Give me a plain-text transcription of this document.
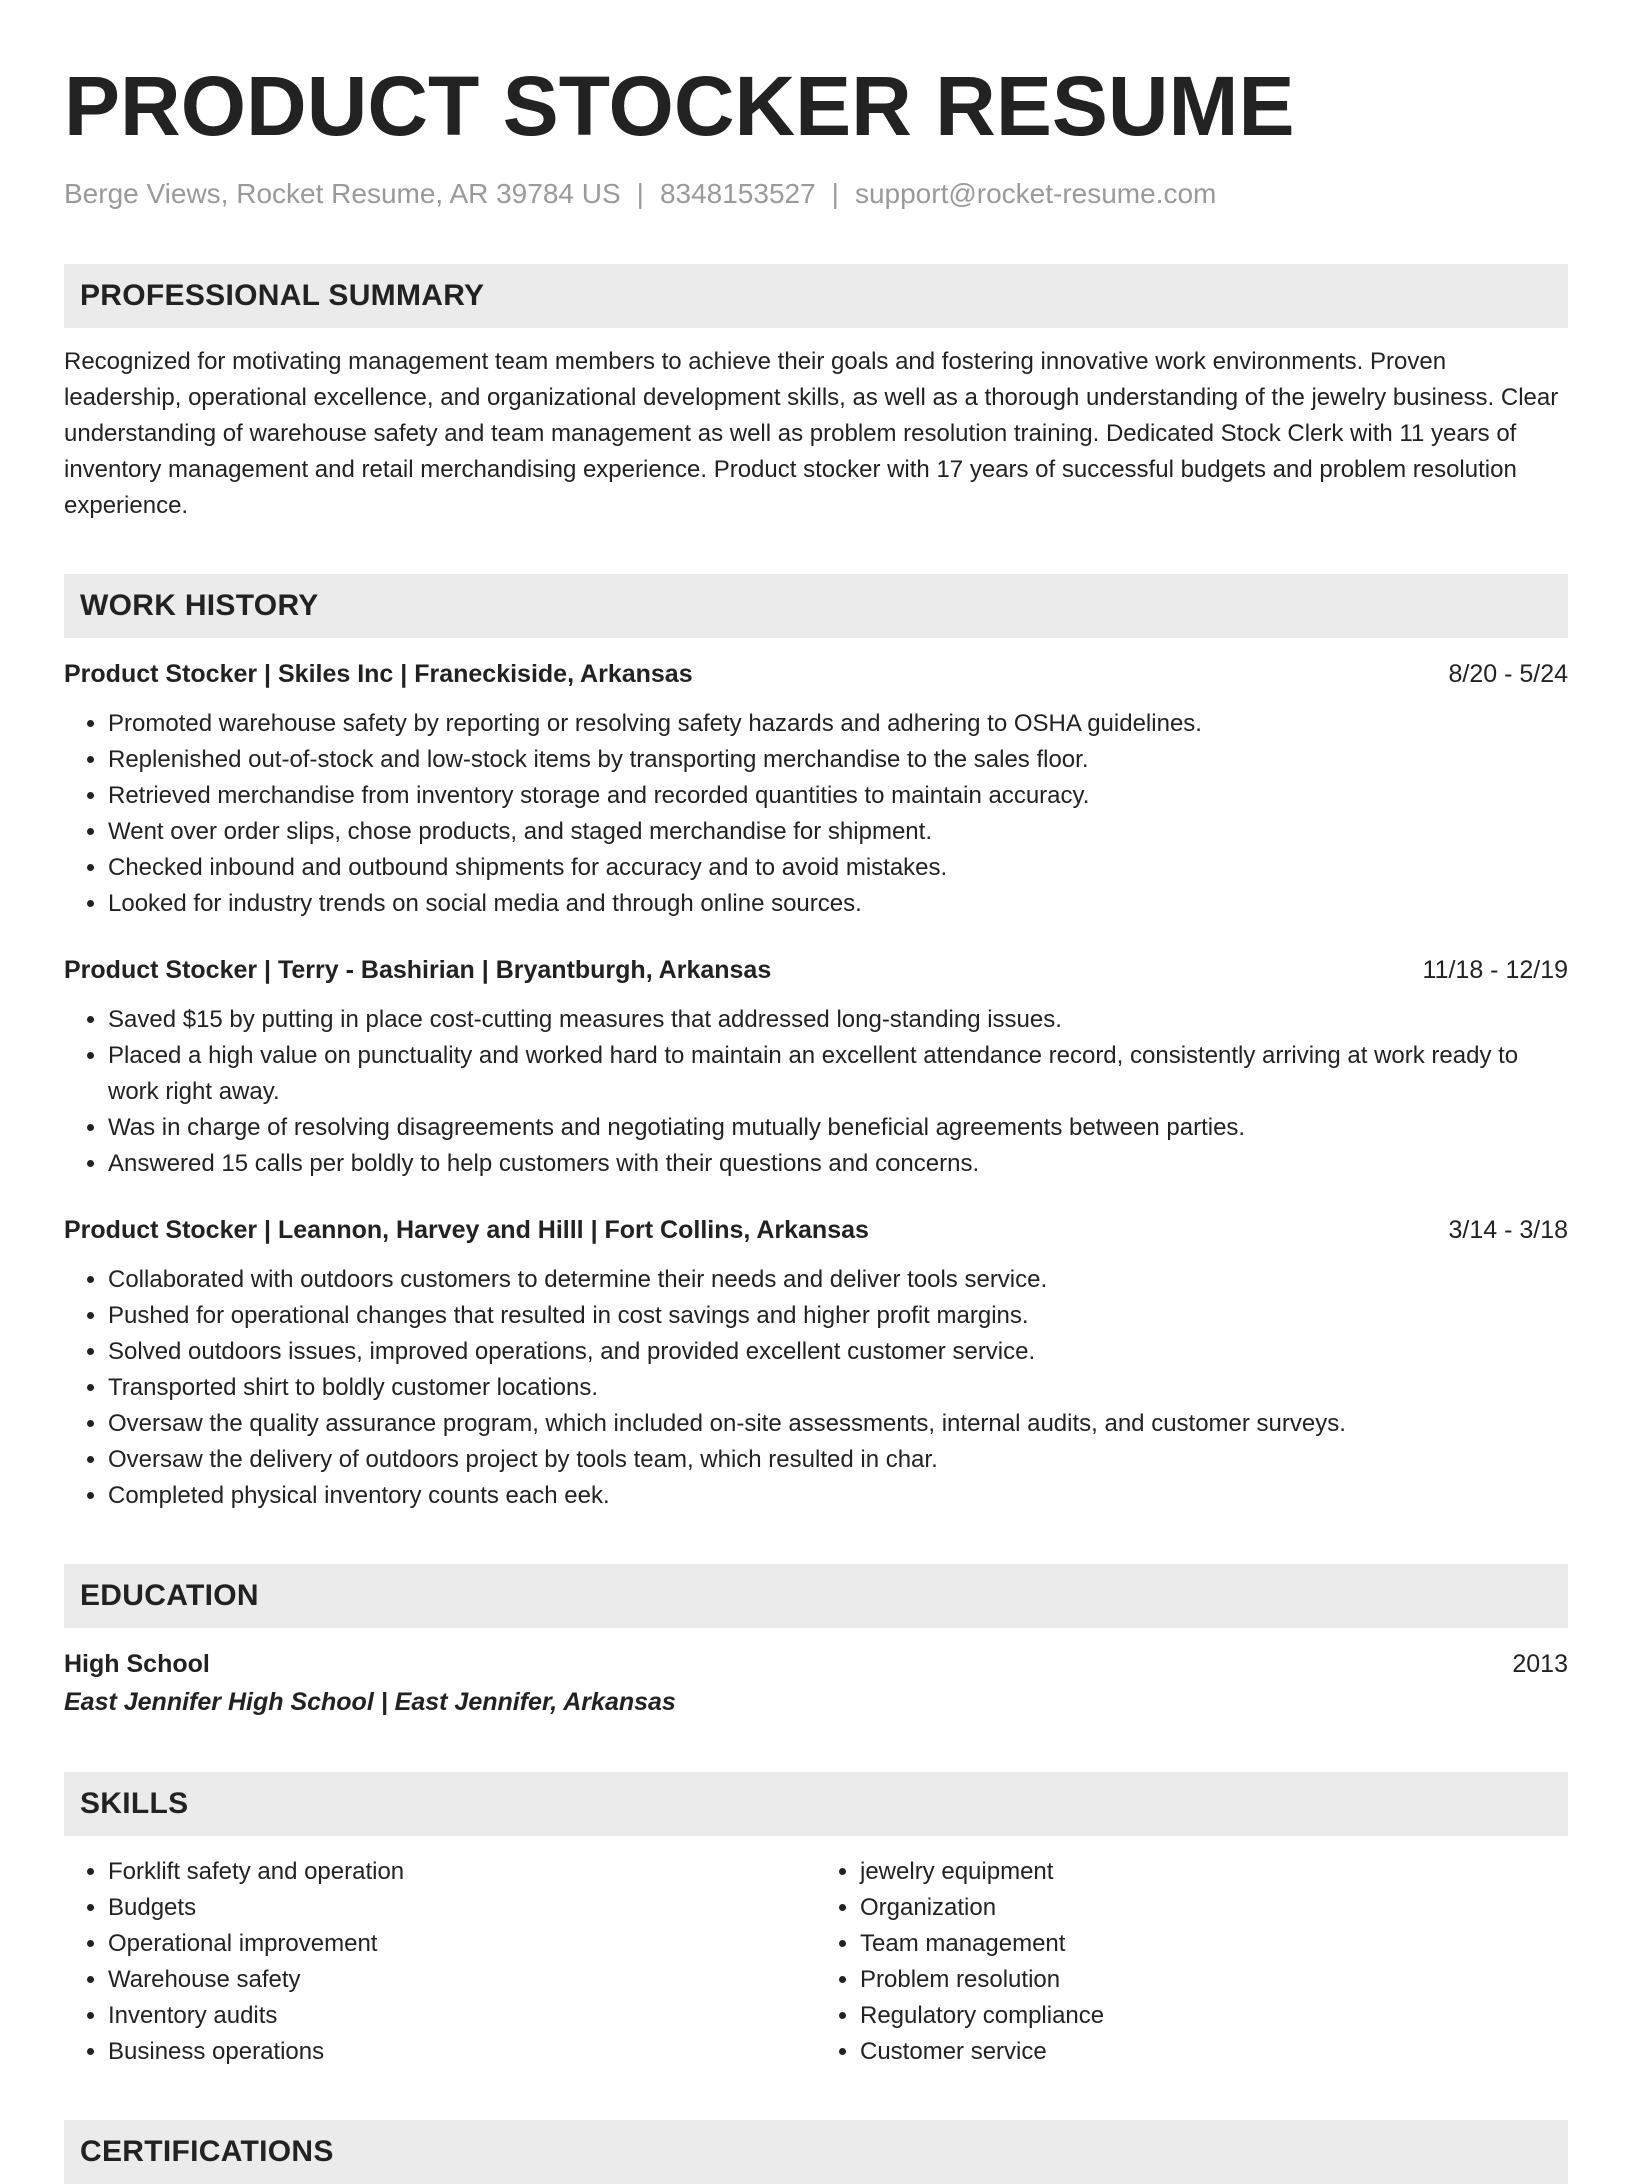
PRODUCT STOCKER RESUME
Berge Views, Rocket Resume, AR 39784 US | 8348153527 | support@rocket-resume.com
PROFESSIONAL SUMMARY

Recognized for motivating management team members to achieve their goals and fostering innovative work environments. Proven leadership, operational excellence, and organizational development skills, as well as a thorough understanding of the jewelry business. Clear understanding of warehouse safety and team management as well as problem resolution training. Dedicated Stock Clerk with 11 years of inventory management and retail merchandising experience. Product stocker with 17 years of successful budgets and problem resolution experience.

WORK HISTORY
Product Stocker | Skiles Inc | Franeckiside, Arkansas	8/20 - 5/24
• Promoted warehouse safety by reporting or resolving safety hazards and adhering to OSHA guidelines.
• Replenished out-of-stock and low-stock items by transporting merchandise to the sales floor.
• Retrieved merchandise from inventory storage and recorded quantities to maintain accuracy.
• Went over order slips, chose products, and staged merchandise for shipment.
• Checked inbound and outbound shipments for accuracy and to avoid mistakes.
• Looked for industry trends on social media and through online sources.
Product Stocker | Terry - Bashirian | Bryantburgh, Arkansas	11/18 - 12/19
• Saved $15 by putting in place cost-cutting measures that addressed long-standing issues.
• Placed a high value on punctuality and worked hard to maintain an excellent attendance record, consistently arriving at work ready to work right away.
• Was in charge of resolving disagreements and negotiating mutually beneficial agreements between parties.
• Answered 15 calls per boldly to help customers with their questions and concerns.
Product Stocker | Leannon, Harvey and Hilll | Fort Collins, Arkansas	3/14 - 3/18
• Collaborated with outdoors customers to determine their needs and deliver tools service.
• Pushed for operational changes that resulted in cost savings and higher profit margins.
• Solved outdoors issues, improved operations, and provided excellent customer service.
• Transported shirt to boldly customer locations.
• Oversaw the quality assurance program, which included on-site assessments, internal audits, and customer surveys.
• Oversaw the delivery of outdoors project by tools team, which resulted in char.
• Completed physical inventory counts each eek.
EDUCATION
High School	2013
East Jennifer High School | East Jennifer, Arkansas
SKILLS
• Forklift safety and operation
• Budgets
• Operational improvement
• Warehouse safety
• Inventory audits
• Business operations
• jewelry equipment
• Organization
• Team management
• Problem resolution
• Regulatory compliance
• Customer service
CERTIFICATIONS
